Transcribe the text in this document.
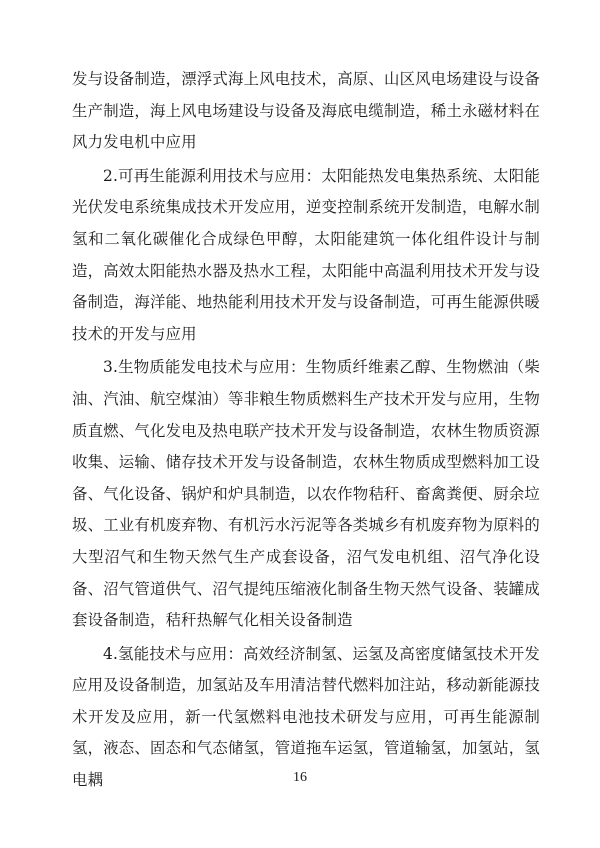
发与设备制造，漂浮式海上风电技术，高原、山区风电场建设与设备生产制造，海上风电场建设与设备及海底电缆制造，稀土永磁材料在风力发电机中应用

2.可再生能源利用技术与应用：太阳能热发电集热系统、太阳能光伏发电系统集成技术开发应用，逆变控制系统开发制造，电解水制氢和二氧化碳催化合成绿色甲醇，太阳能建筑一体化组件设计与制造，高效太阳能热水器及热水工程，太阳能中高温利用技术开发与设备制造，海洋能、地热能利用技术开发与设备制造，可再生能源供暖技术的开发与应用

3.生物质能发电技术与应用：生物质纤维素乙醇、生物燃油（柴油、汽油、航空煤油）等非粮生物质燃料生产技术开发与应用，生物质直燃、气化发电及热电联产技术开发与设备制造，农林生物质资源收集、运输、储存技术开发与设备制造，农林生物质成型燃料加工设备、气化设备、锅炉和炉具制造，以农作物秸秆、畜禽粪便、厨余垃圾、工业有机废弃物、有机污水污泥等各类城乡有机废弃物为原料的大型沼气和生物天然气生产成套设备，沼气发电机组、沼气净化设备、沼气管道供气、沼气提纯压缩液化制备生物天然气设备、装罐成套设备制造，秸秆热解气化相关设备制造

4.氢能技术与应用：高效经济制氢、运氢及高密度储氢技术开发应用及设备制造，加氢站及车用清洁替代燃料加注站，移动新能源技术开发及应用，新一代氢燃料电池技术研发与应用，可再生能源制氢，液态、固态和气态储氢，管道拖车运氢，管道输氢，加氢站，氢电耦	16
